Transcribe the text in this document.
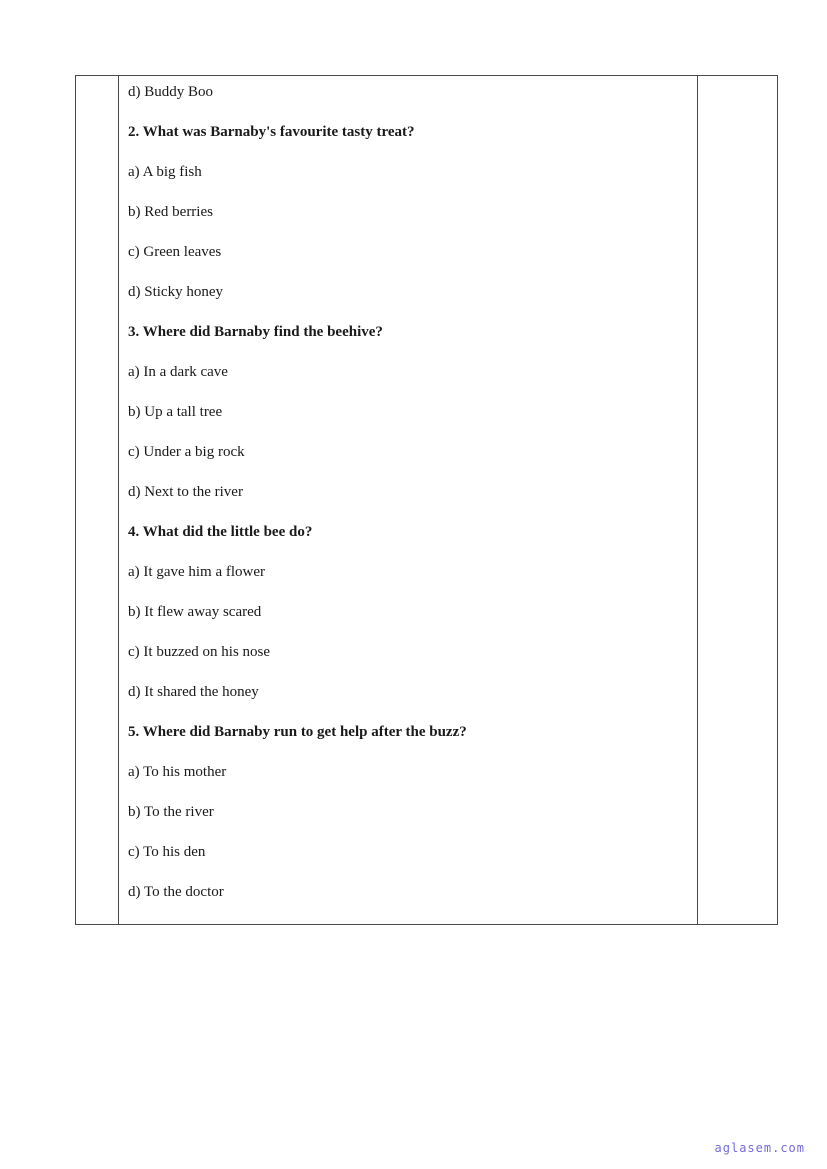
d) Buddy Boo

2. What was Barnaby's favourite tasty treat?

a) A big fish

b) Red berries

c) Green leaves

d) Sticky honey

3. Where did Barnaby find the beehive?

a) In a dark cave

b) Up a tall tree

c) Under a big rock

d) Next to the river

4. What did the little bee do?

a) It gave him a flower

b) It flew away scared

c) It buzzed on his nose

d) It shared the honey

5. Where did Barnaby run to get help after the buzz?

a) To his mother

b) To the river

c) To his den

d) To the doctor

aglasem.com
